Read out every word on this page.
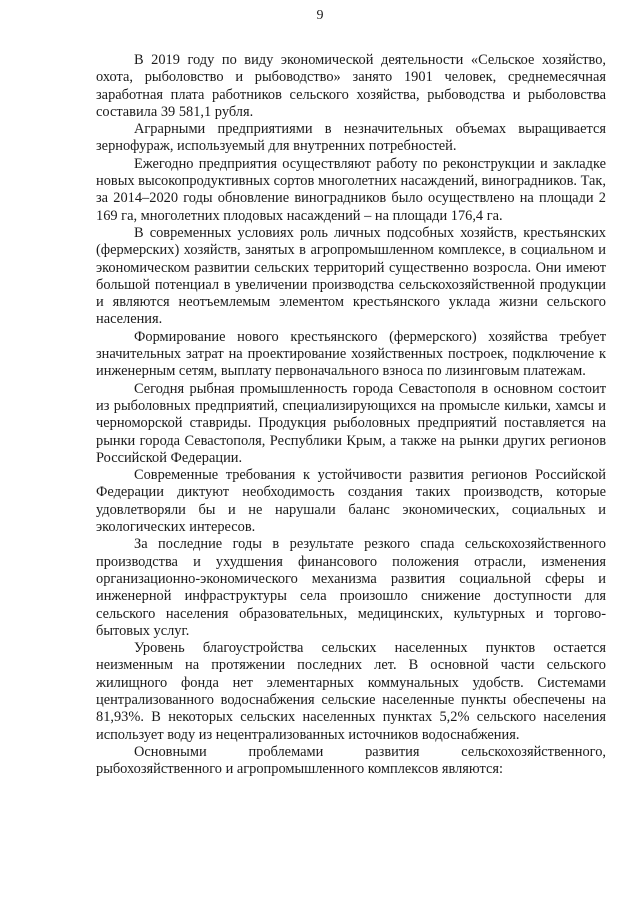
9

В 2019 году по виду экономической деятельности «Сельское хозяйство, охота, рыболовство и рыбоводство» занято 1901 человек, среднемесячная заработная плата работников сельского хозяйства, рыбоводства и рыболовства составила 39 581,1 рубля.

Аграрными предприятиями в незначительных объемах выращивается зернофураж, используемый для внутренних потребностей.

Ежегодно предприятия осуществляют работу по реконструкции и закладке новых высокопродуктивных сортов многолетних насаждений, виноградников. Так, за 2014–2020 годы обновление виноградников было осуществлено на площади 2 169 га, многолетних плодовых насаждений – на площади 176,4 га.

В современных условиях роль личных подсобных хозяйств, крестьянских (фермерских) хозяйств, занятых в агропромышленном комплексе, в социальном и экономическом развитии сельских территорий существенно возросла. Они имеют большой потенциал в увеличении производства сельскохозяйственной продукции и являются неотъемлемым элементом крестьянского уклада жизни сельского населения.

Формирование нового крестьянского (фермерского) хозяйства требует значительных затрат на проектирование хозяйственных построек, подключение к инженерным сетям, выплату первоначального взноса по лизинговым платежам.

Сегодня рыбная промышленность города Севастополя в основном состоит из рыболовных предприятий, специализирующихся на промысле кильки, хамсы и черноморской ставриды. Продукция рыболовных предприятий поставляется на рынки города Севастополя, Республики Крым, а также на рынки других регионов Российской Федерации.

Современные требования к устойчивости развития регионов Российской Федерации диктуют необходимость создания таких производств, которые удовлетворяли бы и не нарушали баланс экономических, социальных и экологических интересов.

За последние годы в результате резкого спада сельскохозяйственного производства и ухудшения финансового положения отрасли, изменения организационно-экономического механизма развития социальной сферы и инженерной инфраструктуры села произошло снижение доступности для сельского населения образовательных, медицинских, культурных и торгово-бытовых услуг.

Уровень благоустройства сельских населенных пунктов остается неизменным на протяжении последних лет. В основной части сельского жилищного фонда нет элементарных коммунальных удобств. Системами централизованного водоснабжения сельские населенные пункты обеспечены на 81,93%. В некоторых сельских населенных пунктах 5,2% сельского населения использует воду из нецентрализованных источников водоснабжения.

Основными проблемами развития сельскохозяйственного, рыбохозяйственного и агропромышленного комплексов являются:
